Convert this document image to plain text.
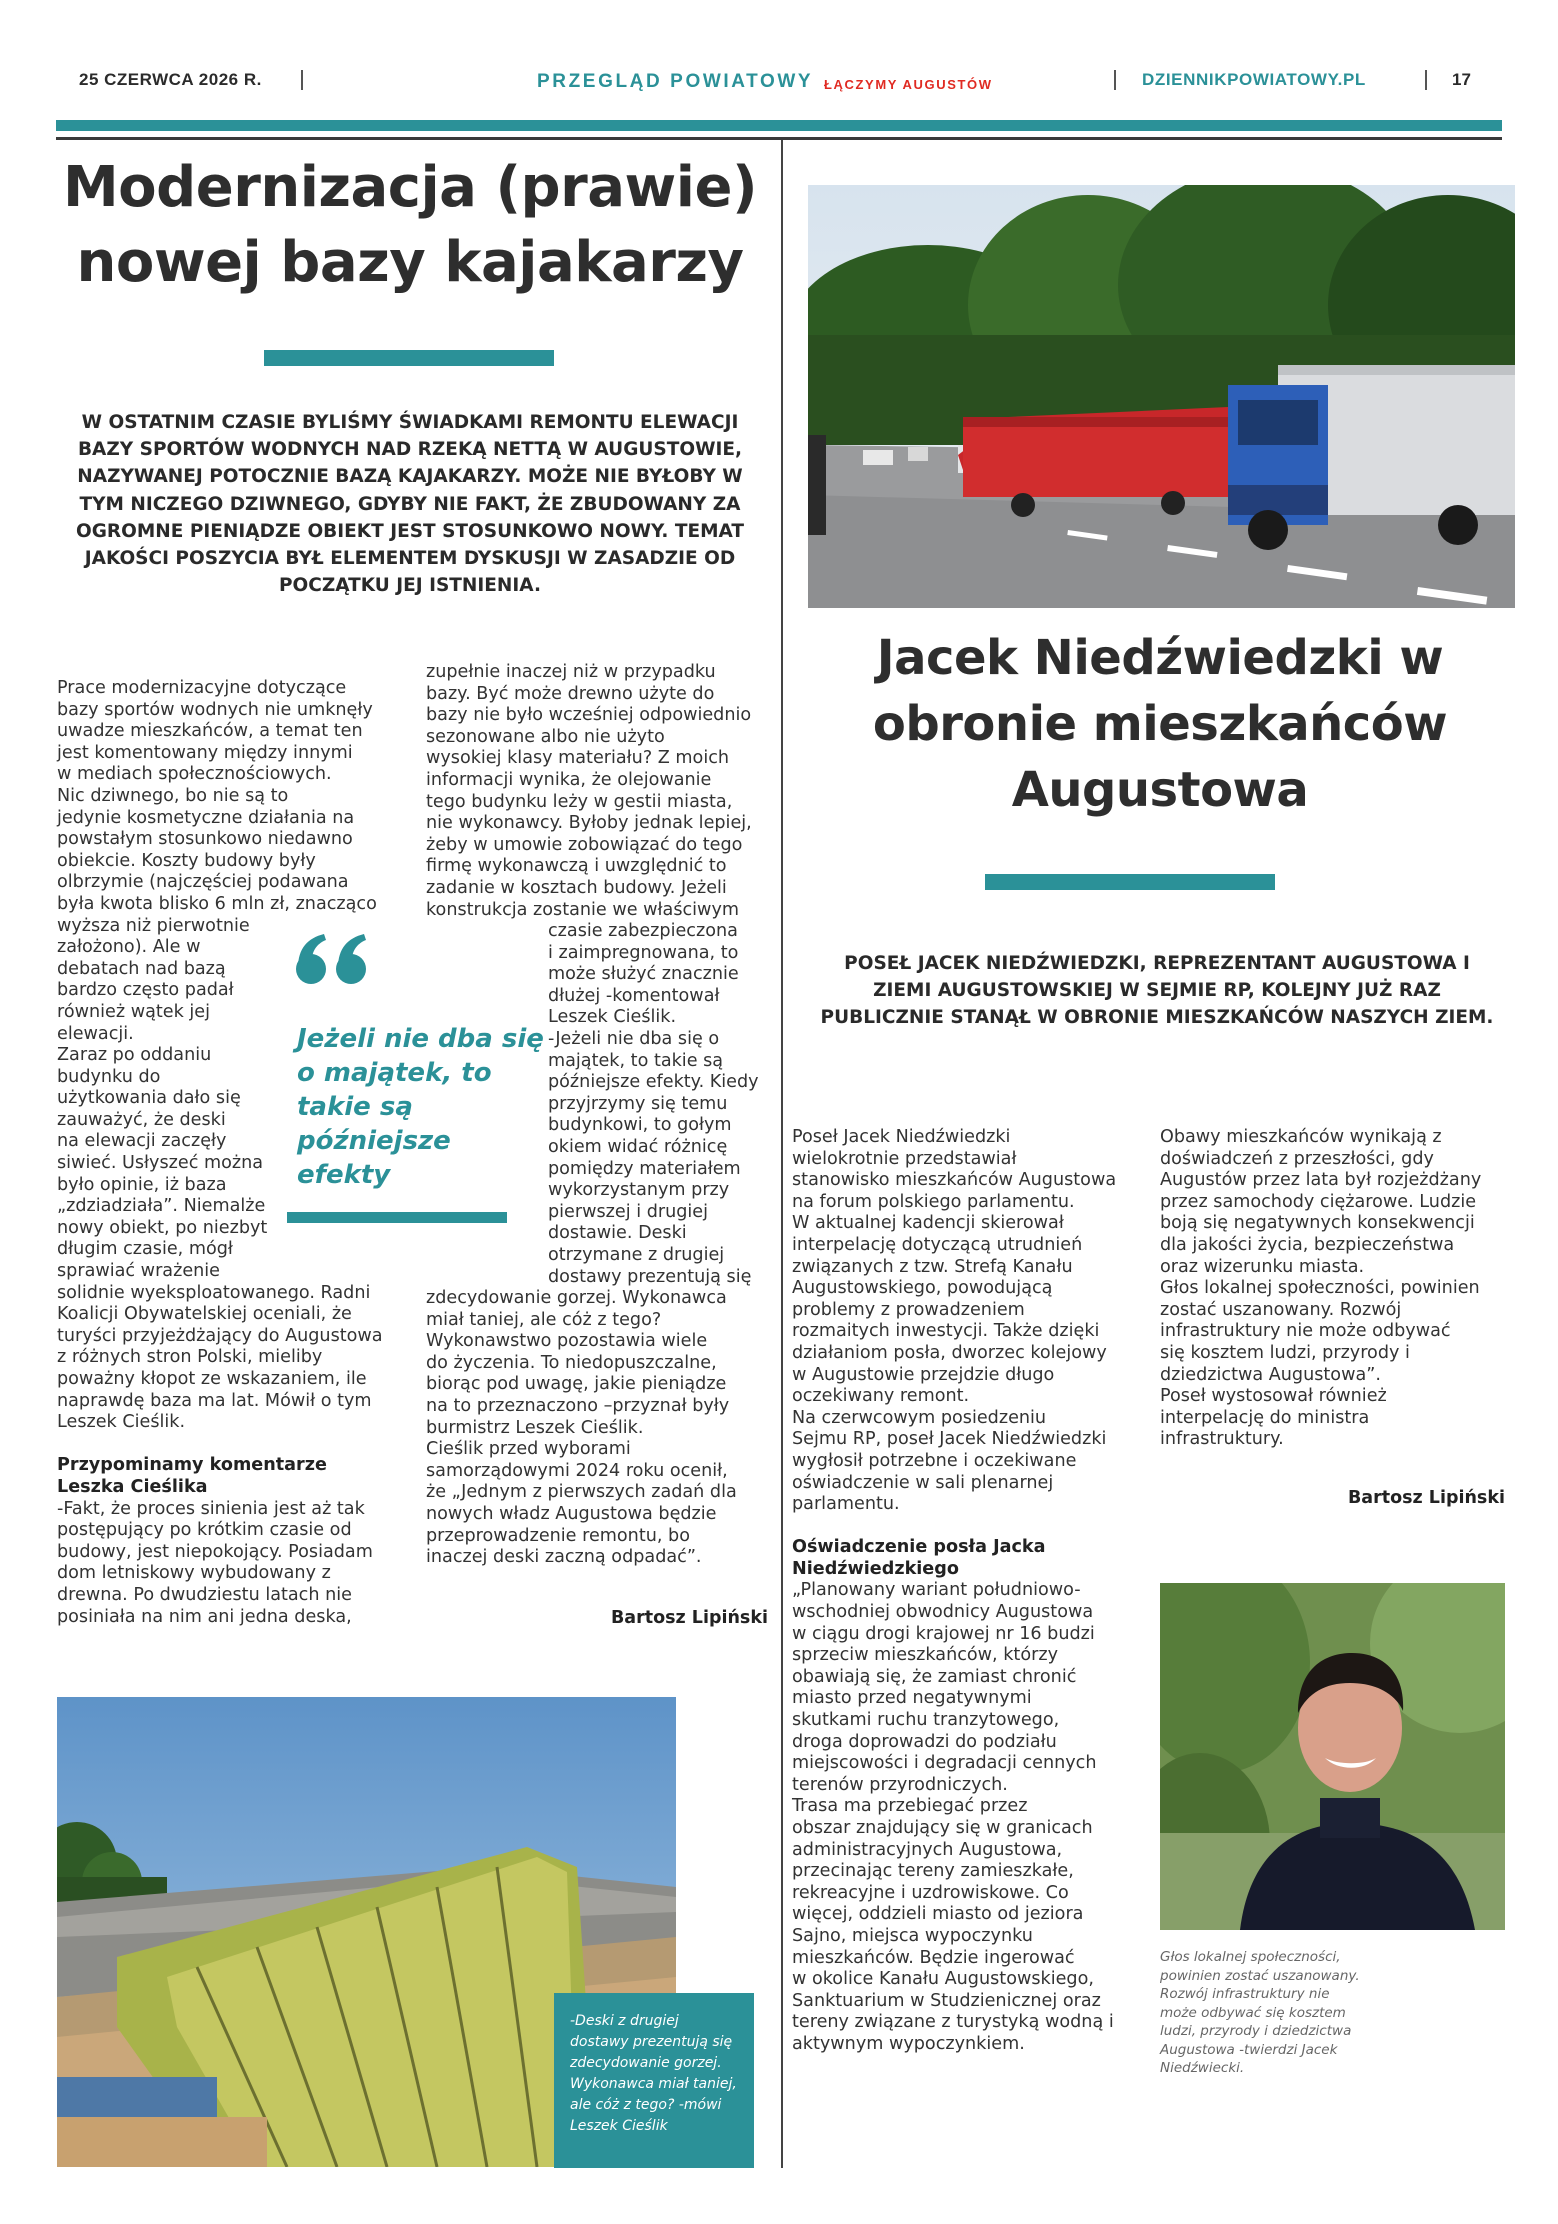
25 CZERWCA 2026 R.	PRZEGLĄD POWIATOWY ŁĄCZYMY AUGUSTÓW	DZIENNIKPOWIATOWY.PL	17
Modernizacja (prawie)
nowej bazy kajakarzy
W OSTATNIM CZASIE BYLIŚMY ŚWIADKAMI REMONTU ELEWACJI BAZY SPORTÓW WODNYCH NAD RZEKĄ NETTĄ W AUGUSTOWIE, NAZYWANEJ POTOCZNIE BAZĄ KAJAKARZY. MOŻE NIE BYŁOBY W TYM NICZEGO DZIWNEGO, GDYBY NIE FAKT, ŻE ZBUDOWANY ZA OGROMNE PIENIĄDZE OBIEKT JEST STOSUNKOWO NOWY. TEMAT JAKOŚCI POSZYCIA BYŁ ELEMENTEM DYSKUSJI W ZASADZIE OD POCZĄTKU JEJ ISTNIENIA.

Prace modernizacyjne dotyczące

bazy sportów wodnych nie umknęły

uwadze mieszkańców, a temat ten

jest komentowany między innymi

w mediach społecznościowych.

Nic dziwnego, bo nie są to

jedynie kosmetyczne działania na

powstałym stosunkowo niedawno

obiekcie. Koszty budowy były

olbrzymie (najczęściej podawana

była kwota blisko 6 mln zł, znacząco

wyższa niż pierwotnie

założono). Ale w

debatach nad bazą

bardzo często padał

również wątek jej

elewacji.

Zaraz po oddaniu

budynku do

użytkowania dało się

zauważyć, że deski

na elewacji zaczęły

siwieć. Usłyszeć można

było opinie, iż baza

„zdziadziała”. Niemalże

nowy obiekt, po niezbyt

długim czasie, mógł

sprawiać wrażenie

solidnie wyeksploatowanego. Radni

Koalicji Obywatelskiej oceniali, że

turyści przyjeżdżający do Augustowa

z różnych stron Polski, mieliby

poważny kłopot ze wskazaniem, ile

naprawdę baza ma lat. Mówił o tym

Leszek Cieślik.

Przypominamy komentarze

Leszka Cieślika

-Fakt, że proces sinienia jest aż tak

postępujący po krótkim czasie od

budowy, jest niepokojący. Posiadam

dom letniskowy wybudowany z

drewna. Po dwudziestu latach nie

posiniała na nim ani jedna deska,

Jeżeli nie dba się
o majątek, to
takie są późniejsze
efekty

zupełnie inaczej niż w przypadku

bazy. Być może drewno użyte do

bazy nie było wcześniej odpowiednio

sezonowane albo nie użyto

wysokiej klasy materiału? Z moich

informacji wynika, że olejowanie

tego budynku leży w gestii miasta,

nie wykonawcy. Byłoby jednak lepiej,

żeby w umowie zobowiązać do tego

firmę wykonawczą i uwzględnić to

zadanie w kosztach budowy. Jeżeli

konstrukcja zostanie we właściwym

czasie zabezpieczona

i zaimpregnowana, to

może służyć znacznie

dłużej -komentował

Leszek Cieślik.

-Jeżeli nie dba się o

majątek, to takie są

późniejsze efekty. Kiedy

przyjrzymy się temu

budynkowi, to gołym

okiem widać różnicę

pomiędzy materiałem

wykorzystanym przy

pierwszej i drugiej

dostawie. Deski

otrzymane z drugiej

dostawy prezentują się

zdecydowanie gorzej. Wykonawca

miał taniej, ale cóż z tego?

Wykonawstwo pozostawia wiele

do życzenia. To niedopuszczalne,

biorąc pod uwagę, jakie pieniądze

na to przeznaczono –przyznał były

burmistrz Leszek Cieślik.

Cieślik przed wyborami

samorządowymi 2024 roku ocenił,

że „Jednym z pierwszych zadań dla

nowych władz Augustowa będzie

przeprowadzenie remontu, bo

inaczej deski zaczną odpadać”.

Bartosz Lipiński
-Deski z drugiej
dostawy prezentują się
zdecydowanie gorzej.
Wykonawca miał taniej,
ale cóż z tego? -mówi
Leszek Cieślik
Jacek Niedźwiedzki w
obronie mieszkańców
Augustowa
POSEŁ JACEK NIEDŹWIEDZKI, REPREZENTANT AUGUSTOWA I ZIEMI AUGUSTOWSKIEJ W SEJMIE RP, KOLEJNY JUŻ RAZ PUBLICZNIE STANĄŁ W OBRONIE MIESZKAŃCÓW NASZYCH ZIEM.

Poseł Jacek Niedźwiedzki

wielokrotnie przedstawiał

stanowisko mieszkańców Augustowa

na forum polskiego parlamentu.

W aktualnej kadencji skierował

interpelację dotyczącą utrudnień

związanych z tzw. Strefą Kanału

Augustowskiego, powodującą

problemy z prowadzeniem

rozmaitych inwestycji. Także dzięki

działaniom posła, dworzec kolejowy

w Augustowie przejdzie długo

oczekiwany remont.

Na czerwcowym posiedzeniu

Sejmu RP, poseł Jacek Niedźwiedzki

wygłosił potrzebne i oczekiwane

oświadczenie w sali plenarnej

parlamentu.

Oświadczenie posła Jacka

Niedźwiedzkiego

„Planowany wariant południowo-

wschodniej obwodnicy Augustowa

w ciągu drogi krajowej nr 16 budzi

sprzeciw mieszkańców, którzy

obawiają się, że zamiast chronić

miasto przed negatywnymi

skutkami ruchu tranzytowego,

droga doprowadzi do podziału

miejscowości i degradacji cennych

terenów przyrodniczych.

Trasa ma przebiegać przez

obszar znajdujący się w granicach

administracyjnych Augustowa,

przecinając tereny zamieszkałe,

rekreacyjne i uzdrowiskowe. Co

więcej, oddzieli miasto od jeziora

Sajno, miejsca wypoczynku

mieszkańców. Będzie ingerować

w okolice Kanału Augustowskiego,

Sanktuarium w Studzienicznej oraz

tereny związane z turystyką wodną i

aktywnym wypoczynkiem.

Obawy mieszkańców wynikają z

doświadczeń z przeszłości, gdy

Augustów przez lata był rozjeżdżany

przez samochody ciężarowe. Ludzie

boją się negatywnych konsekwencji

dla jakości życia, bezpieczeństwa

oraz wizerunku miasta.

Głos lokalnej społeczności, powinien

zostać uszanowany. Rozwój

infrastruktury nie może odbywać

się kosztem ludzi, przyrody i

dziedzictwa Augustowa”.

Poseł wystosował również

interpelację do ministra

infrastruktury.

Bartosz Lipiński
Głos lokalnej społeczności,
powinien zostać uszanowany.
Rozwój infrastruktury nie
może odbywać się kosztem
ludzi, przyrody i dziedzictwa
Augustowa -twierdzi Jacek
Niedźwiecki.
